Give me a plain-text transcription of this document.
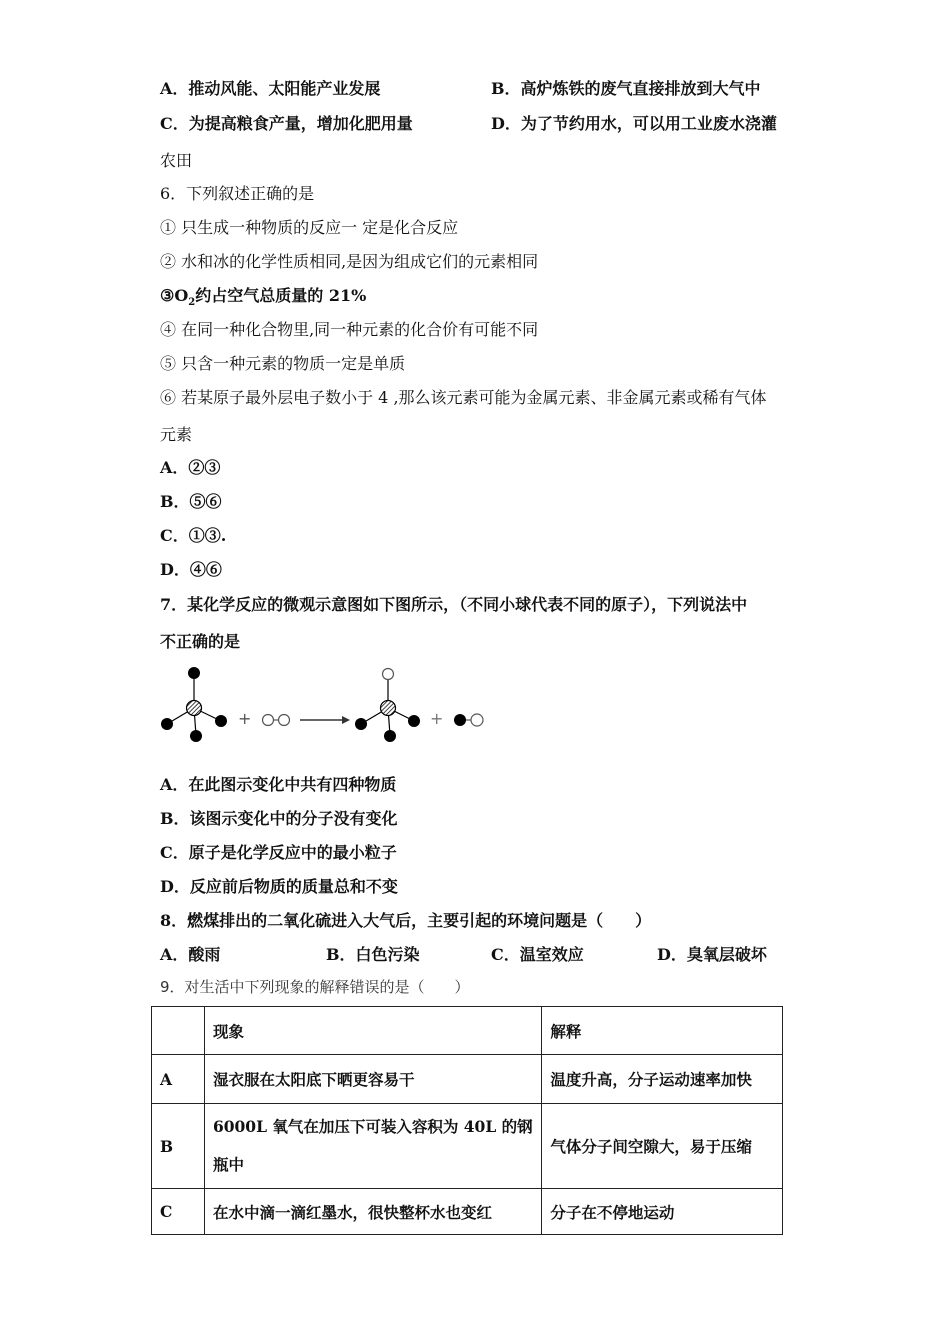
A．推动风能、太阳能产业发展	B．高炉炼铁的废气直接排放到大气中
C．为提高粮食产量，增加化肥用量	D．为了节约用水，可以用工业废水浇灌
农田
6．下列叙述正确的是
① 只生成一种物质的反应一 定是化合反应
② 水和冰的化学性质相同,是因为组成它们的元素相同
$③O_2$约占空气总质量的 21%
④ 在同一种化合物里,同一种元素的化合价有可能不同
⑤ 只含一种元素的物质一定是单质
⑥ 若某原子最外层电子数小于 4 ,那么该元素可能为金属元素、非金属元素或稀有气体
元素
A．②③
B．⑤⑥
C．①③.
D．④⑥
7．某化学反应的微观示意图如下图所示，（不同小球代表不同的原子），下列说法中
不正确的是
+	+
A．在此图示变化中共有四种物质
B．该图示变化中的分子没有变化
C．原子是化学反应中的最小粒子
D．反应前后物质的质量总和不变
8．燃煤排出的二氧化硫进入大气后，主要引起的环境问题是（　　）
A．酸雨	B．白色污染	C．温室效应	D．臭氧层破坏
9．对生活中下列现象的解释错误的是（　　）
	现象	解释
A	湿衣服在太阳底下晒更容易干	温度升高，分子运动速率加快
B	6000L 氧气在加压下可装入容积为 40L 的钢
瓶中	气体分子间空隙大，易于压缩
C	在水中滴一滴红墨水，很快整杯水也变红	分子在不停地运动
